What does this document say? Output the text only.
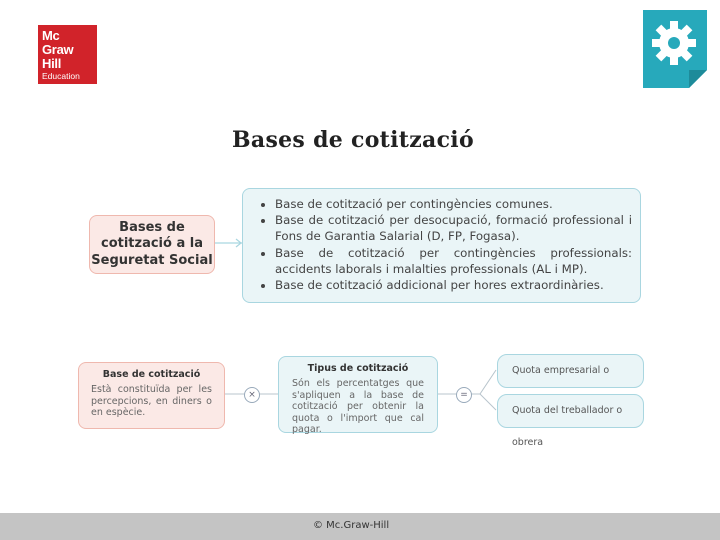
Mc
Graw
Hill
Education
Bases de cotització
Bases de
cotització a la
Seguretat Social
• Base de cotització per contingències comunes.
• Base de cotització per desocupació, formació professional i Fons de Garantia Salarial (D, FP, Fogasa).
• Base de cotització per contingències professionals: accidents laborals i malalties professionals (AL i MP).
• Base de cotització addicional per hores extraordinàries.
Base de cotització
Està constituïda per les percepcions, en diners o en espècie.
×
Tipus de cotització
Són els percentatges que s'apliquen a la base de cotització per obtenir la quota o l'import que cal pagar.
=
Quota empresarial o
Quota del treballador o obrera
© Mc.Graw-Hill
